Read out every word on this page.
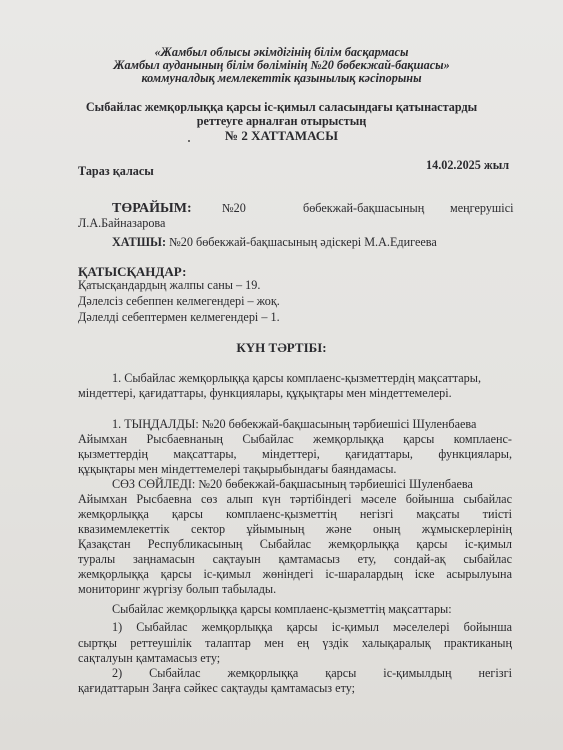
«Жамбыл облысы әкімдігінің білім басқармасы
Жамбыл ауданының білім бөлімінің №20 бөбекжай-бақшасы»
коммуналдық мемлекеттік қазынылық кәсіпорыны
Сыбайлас жемқорлыққа қарсы іс-қимыл саласындағы қатынастарды
реттеуге арналған отырыстың
№ 2 ХАТТАМАСЫ
Тараз қаласы	14.02.2025 жыл
ТӨРАЙЫМ: №20	бөбекжай-бақшасының меңгерушісі
Л.А.Байназарова
ХАТШЫ: №20 бөбекжай-бақшасының әдіскері М.А.Едигеева
ҚАТЫСҚАНДАР:
Қатысқандардың жалпы саны – 19.
Дәлелсіз себеппен келмегендері – жоқ.
Дәлелді себептермен келмегендері – 1.
КҮН ТӘРТІБІ:
1. Сыбайлас жемқорлыққа қарсы комплаенс-қызметтердің мақсаттары,
міндеттері, қағидаттары, функциялары, құқықтары мен міндеттемелері.
1. ТЫҢДАЛДЫ: №20 бөбекжай-бақшасының тәрбиешісі Шуленбаева
Айымхан Рысбаевнаның Сыбайлас жемқорлыққа қарсы комплаенс-
қызметтердің мақсаттары, міндеттері, қағидаттары, функциялары,
құқықтары мен міндеттемелері тақырыбындағы баяндамасы.
СӨЗ СӨЙЛЕДІ: №20 бөбекжай-бақшасының тәрбиешісі Шуленбаева
Айымхан Рысбаевна сөз алып күн тәртібіндегі мәселе бойынша сыбайлас
жемқорлыққа қарсы комплаенс-қызметтің негізгі мақсаты тиісті
квазимемлекеттік сектор ұйымының және оның жұмыскерлерінің
Қазақстан Республикасының Сыбайлас жемқорлыққа қарсы іс-қимыл
туралы заңнамасын сақтауын қамтамасыз ету, сондай-ақ сыбайлас
жемқорлыққа қарсы іс-қимыл жөніндегі іс-шаралардың іске асырылуына
мониторинг жүргізу болып табылады.
Сыбайлас жемқорлыққа қарсы комплаенс-қызметтің мақсаттары:
1) Сыбайлас жемқорлыққа қарсы іс-қимыл мәселелері бойынша
сыртқы реттеушілік талаптар мен ең үздік халықаралық практиканың
сақталуын қамтамасыз ету;
2) Сыбайлас жемқорлыққа қарсы іс-қимылдың негізгі
қағидаттарын Заңға сәйкес сақтауды қамтамасыз ету;
